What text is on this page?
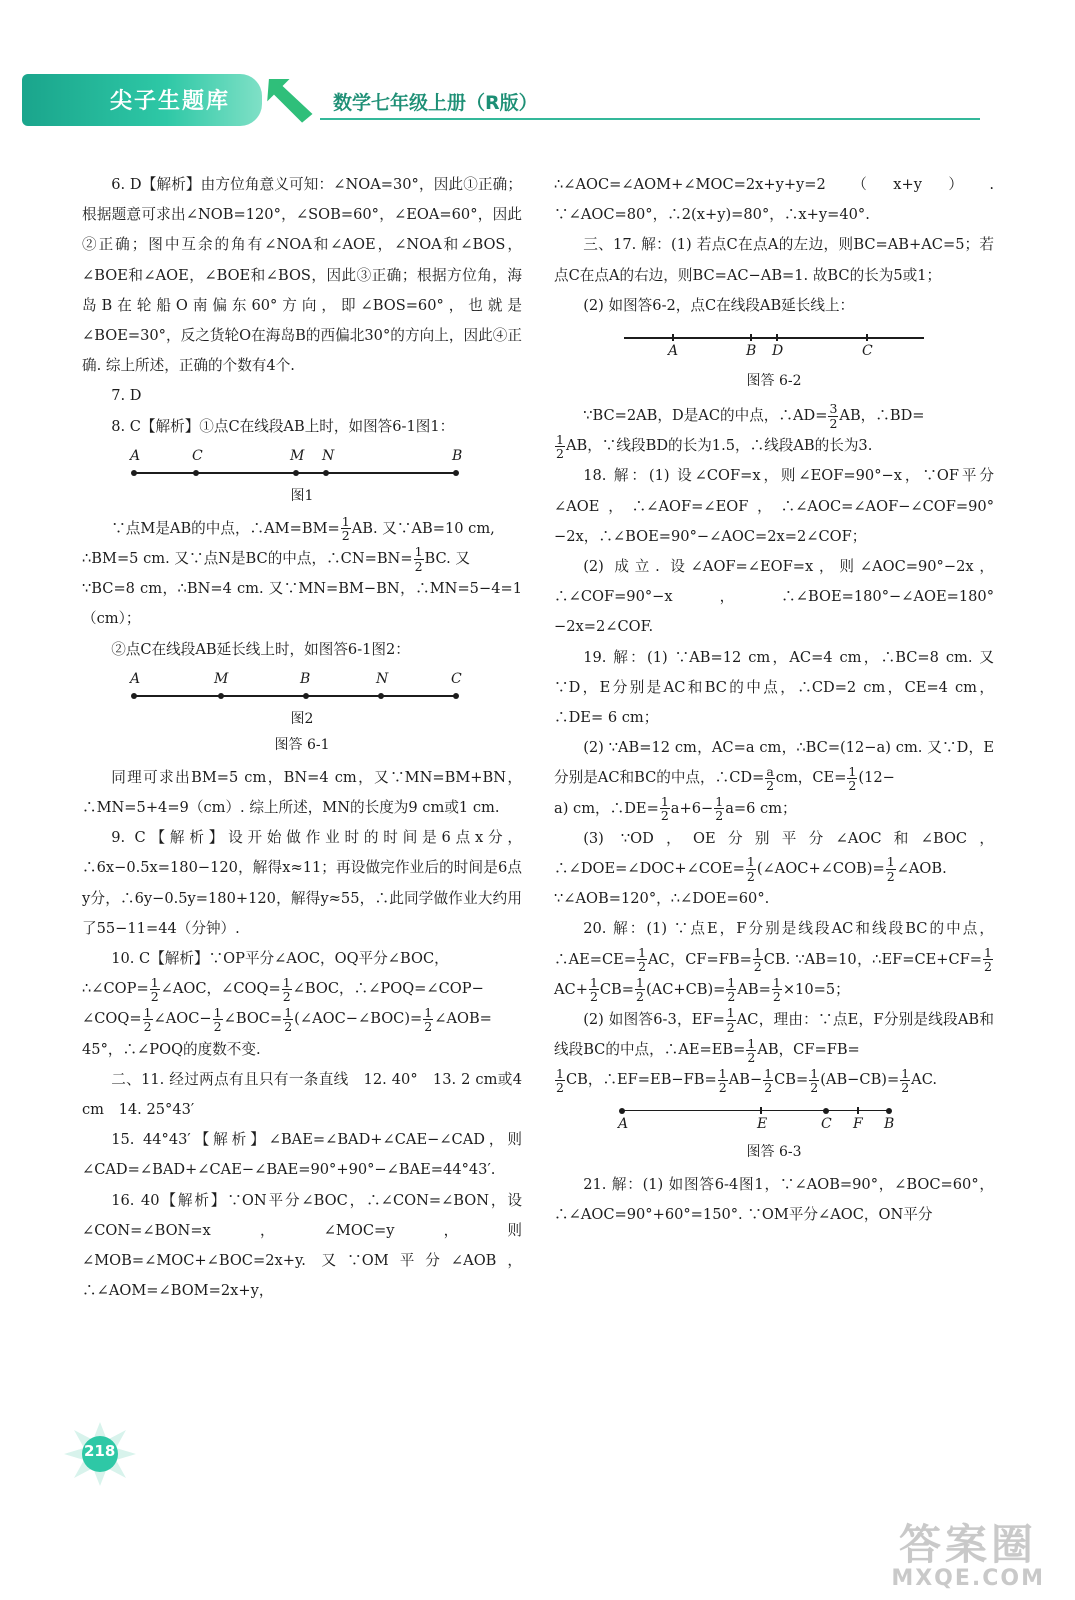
尖子生题库	数学七年级上册（R版）

6. D【解析】由方位角意义可知：∠NOA=30°，因此①正确；根据题意可求出∠NOB=120°，∠SOB=60°，∠EOA=60°，因此②正确；图中互余的角有∠NOA和∠AOE，∠NOA和∠BOS，∠BOE和∠AOE，∠BOE和∠BOS，因此③正确；根据方位角，海岛B在轮船O南偏东60°方向，即∠BOS=60°，也就是∠BOE=30°，反之货轮O在海岛B的西偏北30°的方向上，因此④正确. 综上所述，正确的个数有4个.

7. D

8. C【解析】①点C在线段AB上时，如图答6-1图1：

A	C	M N	B

图1

∵点M是AB的中点，∴AM=BM= $\frac{1}{2}$ AB. 又∵AB=10 cm,

∴BM=5 cm. 又∵点N是BC的中点，∴CN=BN= $\frac{1}{2}$ BC. 又

∵BC=8 cm，∴BN=4 cm. 又∵MN=BM−BN，∴MN=5−4=1（cm）；

②点C在线段AB延长线上时，如图答6-1图2：

A	M	B	N	C

图2

图答 6-1

同理可求出BM=5 cm，BN=4 cm，又∵MN=BM+BN，∴MN=5+4=9（cm）. 综上所述，MN的长度为9 cm或1 cm.

9. C【解析】设开始做作业时的时间是6点x分，∴6x−0.5x=180−120，解得x≈11；再设做完作业后的时间是6点y分，∴6y−0.5y=180+120，解得y≈55，∴此同学做作业大约用了55−11=44（分钟）.

10. C【解析】∵OP平分∠AOC，OQ平分∠BOC，

∴∠COP= $\frac{1}{2}$ ∠AOC，∠COQ= $\frac{1}{2}$ ∠BOC，∴∠POQ=∠COP−

∠COQ= $\frac{1}{2}$ ∠AOC− $\frac{1}{2}$ ∠BOC= $\frac{1}{2}$ (∠AOC−∠BOC)= $\frac{1}{2}$ ∠AOB=

45°，∴∠POQ的度数不变.

二、11. 经过两点有且只有一条直线　12. 40°　13. 2 cm或4 cm　14. 25°43′

15. 44°43′【解析】∠BAE=∠BAD+∠CAE−∠CAD，则∠CAD=∠BAD+∠CAE−∠BAE=90°+90°−∠BAE=44°43′.

16. 40【解析】∵ON平分∠BOC，∴∠CON=∠BON，设∠CON=∠BON=x，∠MOC=y，则∠MOB=∠MOC+∠BOC=2x+y. 又∵OM平分∠AOB，∴∠AOM=∠BOM=2x+y，

∴∠AOC=∠AOM+∠MOC=2x+y+y=2（x+y）. ∵∠AOC=80°，∴2(x+y)=80°，∴x+y=40°.

三、17. 解：(1) 若点C在点A的左边，则BC=AB+AC=5；若点C在点A的右边，则BC=AC−AB=1. 故BC的长为5或1；

(2) 如图答6-2，点C在线段AB延长线上：

A	B D	C

图答 6-2

∵BC=2AB，D是AC的中点，∴AD= $\frac{3}{2}$ AB，∴BD=

$\frac{1}{2}$ AB，∵线段BD的长为1.5，∴线段AB的长为3.

18. 解：(1) 设∠COF=x，则∠EOF=90°−x，∵OF平分∠AOE，∴∠AOF=∠EOF，∴∠AOC=∠AOF−∠COF=90°−2x，∴∠BOE=90°−∠AOC=2x=2∠COF；

(2) 成立. 设∠AOF=∠EOF=x，则∠AOC=90°−2x，∴∠COF=90°−x，∴∠BOE=180°−∠AOE=180°−2x=2∠COF.

19. 解：(1) ∵AB=12 cm，AC=4 cm，∴BC=8 cm. 又∵D，E分别是AC和BC的中点，∴CD=2 cm，CE=4 cm，∴DE= 6 cm；

(2) ∵AB=12 cm，AC=a cm，∴BC=(12−a) cm. 又∵D，E分别是AC和BC的中点，∴CD= $\frac{a}{2}$ cm，$CE= \frac{1}{2} (12-$

a) cm，∴DE= $\frac{1}{2} a+6- \frac{1}{2} a=6$ cm；

(3) ∵OD，OE分别平分∠AOC和∠BOC，∴∠DOE=∠DOC+∠COE= $\frac{1}{2}$ (∠AOC+∠COB)= $\frac{1}{2}$ ∠AOB. ∵∠AOB=120°，∴∠DOE=60°.

20. 解：(1) ∵点E，F分别是线段AC和线段BC的中点，∴AE=CE= $\frac{1}{2}$ AC，$CF=FB= \frac{1}{2}$ CB. ∵AB=10，∴EF=CE+CF= $\frac{1}{2}$
$AC+ \frac{1}{2} CB= \frac{1}{2} (AC+CB)= \frac{1}{2} AB= \frac{1}{2} \times 10=5$；

(2) 如图答6-3，$EF= \frac{1}{2}$ AC，理由：∵点E，F分别是线段AB和线段BC的中点，∴AE=EB= $\frac{1}{2}$ AB，CF=FB=

$\frac{1}{2}$ CB，∴EF=EB−FB= $\frac{1}{2} AB- \frac{1}{2} CB= \frac{1}{2} (AB-CB)= \frac{1}{2}$ AC.

A	E	C F B

图答 6-3

21. 解：(1) 如图答6-4图1，∵∠AOB=90°，∠BOC=60°，∴∠AOC=90°+60°=150°. ∵OM平分∠AOC，ON平分

218
答案圈
MXQE.COM
